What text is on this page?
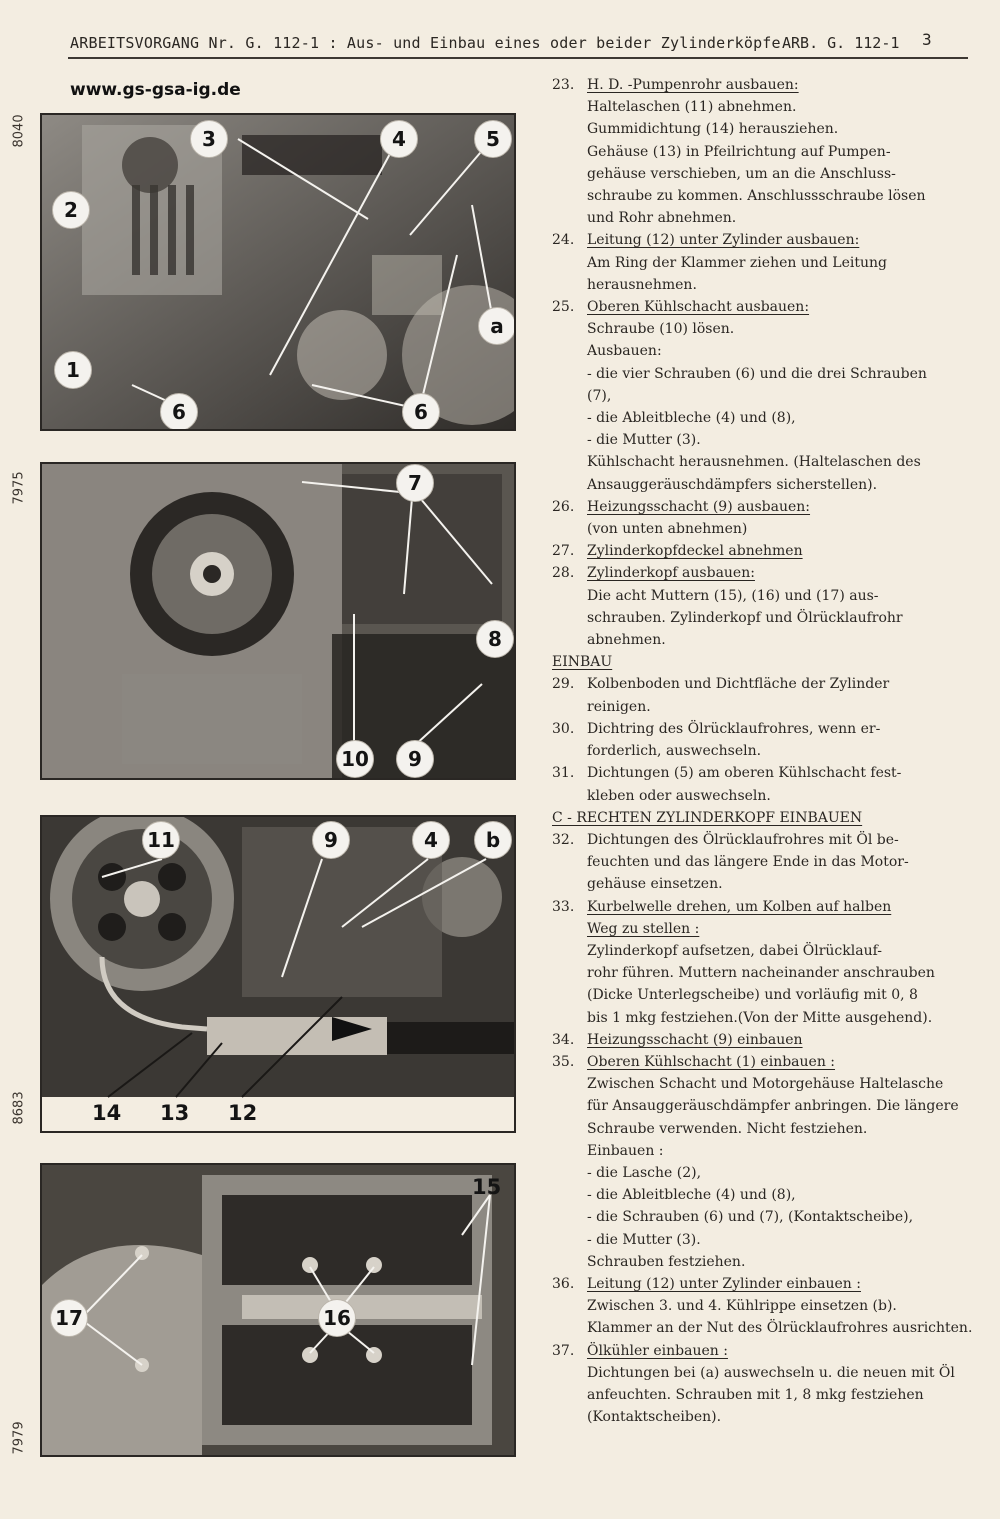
ARBEITSVORGANG Nr. G. 112-1 : Aus- und Einbau eines oder beider Zylinderköpfe ARB. G. 112-1 3
www.gs-gsa-ig.de
8040
7975
8683
7979
3	4	5
2
1
6	6
a
7
8
10	9
11	9	4	b
14 13 12
17	16
15
23. H. D. -Pumpenrohr ausbauen:
Haltelaschen (11) abnehmen.
Gummidichtung (14) herausziehen.
Gehäuse (13) in Pfeilrichtung auf Pumpen-
gehäuse verschieben, um an die Anschluss-
schraube zu kommen. Anschlussschraube lösen
und Rohr abnehmen.
24. Leitung (12) unter Zylinder ausbauen:
Am Ring der Klammer ziehen und Leitung
herausnehmen.
25. Oberen Kühlschacht ausbauen:
Schraube (10) lösen.
Ausbauen:
- die vier Schrauben (6) und die drei Schrauben
(7),
- die Ableitbleche (4) und (8),
- die Mutter (3).
Kühlschacht herausnehmen. (Haltelaschen des
Ansauggeräuschdämpfers sicherstellen).
26. Heizungsschacht (9) ausbauen:
(von unten abnehmen)
27. Zylinderkopfdeckel abnehmen
28. Zylinderkopf ausbauen:
Die acht Muttern (15), (16) und (17) aus-
schrauben. Zylinderkopf und Ölrücklaufrohr
abnehmen.
EINBAU
29. Kolbenboden und Dichtfläche der Zylinder
reinigen.
30. Dichtring des Ölrücklaufrohres, wenn er-
forderlich, auswechseln.
31. Dichtungen (5) am oberen Kühlschacht fest-
kleben oder auswechseln.
C - RECHTEN ZYLINDERKOPF EINBAUEN
32. Dichtungen des Ölrücklaufrohres mit Öl be-
feuchten und das längere Ende in das Motor-
gehäuse einsetzen.
33. Kurbelwelle drehen, um Kolben auf halben
Weg zu stellen :
Zylinderkopf aufsetzen, dabei Ölrücklauf-
rohr führen. Muttern nacheinander anschrauben
(Dicke Unterlegscheibe) und vorläufig mit 0, 8
bis 1 mkg festziehen.(Von der Mitte ausgehend).
34. Heizungsschacht (9) einbauen
35. Oberen Kühlschacht (1) einbauen :
Zwischen Schacht und Motorgehäuse Haltelasche
für Ansauggeräuschdämpfer anbringen. Die längere
Schraube verwenden. Nicht festziehen.
Einbauen :
- die Lasche (2),
- die Ableitbleche (4) und (8),
- die Schrauben (6) und (7), (Kontaktscheibe),
- die Mutter (3).
Schrauben festziehen.
36. Leitung (12) unter Zylinder einbauen :
Zwischen 3. und 4. Kühlrippe einsetzen (b).
Klammer an der Nut des Ölrücklaufrohres ausrichten.
37. Ölkühler einbauen :
Dichtungen bei (a) auswechseln u. die neuen mit Öl
anfeuchten. Schrauben mit 1, 8 mkg festziehen
(Kontaktscheiben).
